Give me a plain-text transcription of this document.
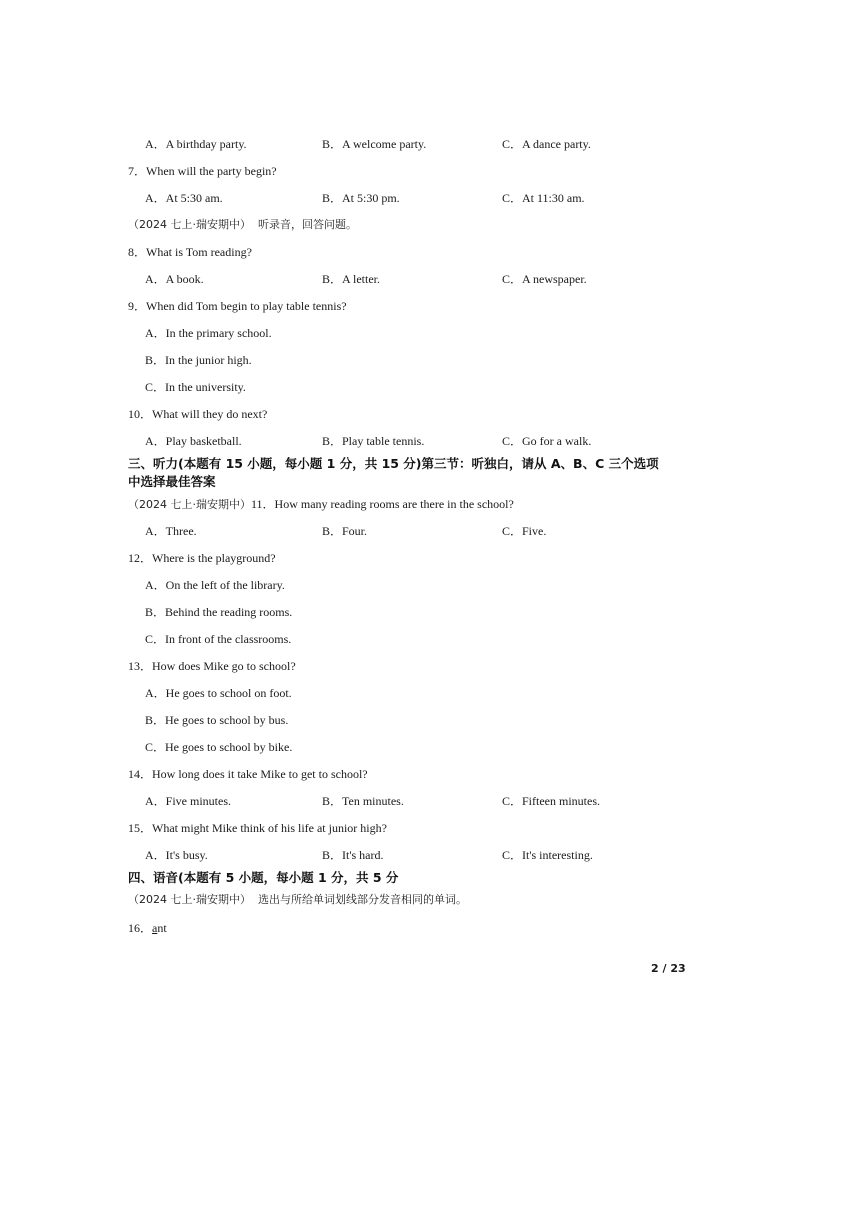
A．A birthday party.	B．A welcome party.	C．A dance party.
7．When will the party begin?
A．At 5:30 am.	B．At 5:30 pm.	C．At 11:30 am.
（2024 七上·瑞安期中） 听录音，回答问题。
8．What is Tom reading?
A．A book.	B．A letter.	C．A newspaper.
9．When did Tom begin to play table tennis?
A．In the primary school.
B．In the junior high.
C．In the university.
10．What will they do next?
A．Play basketball.	B．Play table tennis.	C．Go for a walk.
三、听力(本题有 15 小题，每小题 1 分，共 15 分)第三节：听独白，请从 A、B、C 三个选项
中选择最佳答案
（2024 七上·瑞安期中）11．How many reading rooms are there in the school?
A．Three.	B．Four.	C．Five.
12．Where is the playground?
A．On the left of the library.
B．Behind the reading rooms.
C．In front of the classrooms.
13．How does Mike go to school?
A．He goes to school on foot.
B．He goes to school by bus.
C．He goes to school by bike.
14．How long does it take Mike to get to school?
A．Five minutes.	B．Ten minutes.	C．Fifteen minutes.
15．What might Mike think of his life at junior high?
A．It's busy.	B．It's hard.	C．It's interesting.
四、语音(本题有 5 小题，每小题 1 分，共 5 分
（2024 七上·瑞安期中） 选出与所给单词划线部分发音相同的单词。
16．ant
2 / 23
